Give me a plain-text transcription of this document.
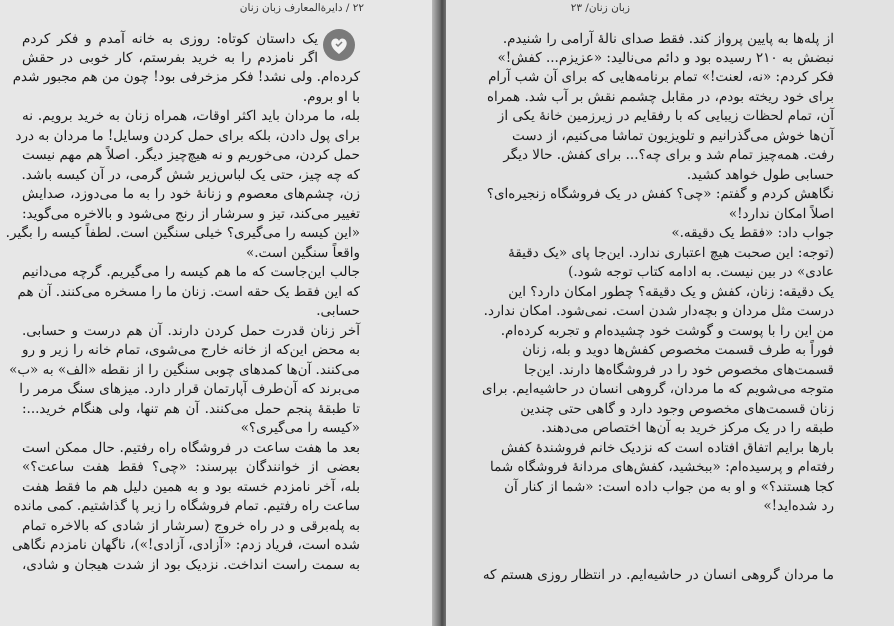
۲۲ / دایرة‌المعارف زبان زنان
یک داستان کوتاه: روزی به خانه آمدم و فکر کردم
اگر نامزدم را به خرید بفرستم، کار خوبی در حقش
کرده‌ام. ولی نشد! فکر مزخرفی بود! چون من هم مجبور شدم
با او بروم.
بله، ما مردان باید اکثر اوقات، همراه زنان به خرید برویم. نه
برای پول دادن، بلکه برای حمل کردن وسایل! ما مردان به درد
حمل کردن، می‌خوریم و نه هیچ‌چیز دیگر. اصلاً هم مهم نیست
که چه چیز، حتی یک لباس‌زیر شش گرمی، در آن کیسه باشد.
زن، چشم‌های معصوم و زنانهٔ خود را به ما می‌دوزد، صدایش
تغییر می‌کند، تیز و سرشار از رنج می‌شود و بالاخره می‌گوید:
«این کیسه را می‌گیری؟ خیلی سنگین است. لطفاً کیسه را بگیر.
واقعاً سنگین است.»
جالب این‌جاست که ما هم کیسه را می‌گیریم. گرچه می‌دانیم
که این فقط یک حقه است. زنان ما را مسخره می‌کنند. آن هم
حسابی.
آخر زنان قدرت حمل کردن دارند. آن هم درست و حسابی.
به محض این‌که از خانه خارج می‌شوی، تمام خانه را زیر و رو
می‌کنند. آن‌ها کمدهای چوبی سنگین را از نقطه «الف» به «ب»
می‌برند که آن‌طرف آپارتمان قرار دارد. میزهای سنگ مرمر را
تا طبقهٔ پنجم حمل می‌کنند. آن هم تنها، ولی هنگام خرید...:
«کیسه را می‌گیری؟»
بعد ما هفت ساعت در فروشگاه راه رفتیم. حال ممکن است
بعضی از خوانندگان بپرسند: «چی؟ فقط هفت ساعت؟»
بله، آخر نامزدم خسته بود و به همین دلیل هم ما فقط هفت
ساعت راه رفتیم. تمام فروشگاه را زیر پا گذاشتیم. کمی مانده
به پله‌برقی و در راه خروج (سرشار از شادی که بالاخره تمام
شده است، فریاد زدم: «آزادی، آزادی!»)، ناگهان نامزدم نگاهی
به سمت راست انداخت. نزدیک بود از شدت هیجان و شادی،
زبان زنان/ ۲۳
از پله‌ها به پایین پرواز کند. فقط صدای نالهٔ آرامی را شنیدم.
نبضش به ۲۱۰ رسیده بود و دائم می‌نالید: «عزیزم... کفش!»
فکر کردم: «نه، لعنت!» تمام برنامه‌هایی که برای آن شب آرام
برای خود ریخته بودم، در مقابل چشمم نقش بر آب شد. همراه
آن، تمام لحظات زیبایی که با رفقایم در زیرزمین خانهٔ یکی از
آن‌ها خوش می‌گذرانیم و تلویزیون تماشا می‌کنیم، از دست
رفت. همه‌چیز تمام شد و برای چه؟... برای کفش. حالا دیگر
حسابی طول خواهد کشید.
نگاهش کردم و گفتم: «چی؟ کفش در یک فروشگاه زنجیره‌ای؟
اصلاً امکان ندارد!»
جواب داد: «فقط یک دقیقه.»
(توجه: این صحبت هیچ اعتباری ندارد. این‌جا پای «یک دقیقهٔ
عادی» در بین نیست. به ادامه کتاب توجه شود.)
یک دقیقه: زنان، کفش و یک دقیقه؟ چطور امکان دارد؟ این
درست مثل مردان و بچه‌دار شدن است. نمی‌شود. امکان ندارد.
من این را با پوست و گوشت خود چشیده‌ام و تجربه کرده‌ام.
فوراً به طرف قسمت مخصوص کفش‌ها دوید و بله، زنان
قسمت‌های مخصوص خود را در فروشگاه‌ها دارند. این‌جا
متوجه می‌شویم که ما مردان، گروهی انسان در حاشیه‌ایم. برای
زنان قسمت‌های مخصوص وجود دارد و گاهی حتی چندین
طبقه را در یک مرکز خرید به آن‌ها اختصاص می‌دهند.
بارها برایم اتفاق افتاده است که نزدیک خانم فروشندهٔ کفش
رفته‌ام و پرسیده‌ام: «ببخشید، کفش‌های مردانهٔ فروشگاه شما
کجا هستند؟» و او به من جواب داده است: «شما از کنار آن
رد شده‌اید!»
ما مردان گروهی انسان در حاشیه‌ایم. در انتظار روزی هستم که
